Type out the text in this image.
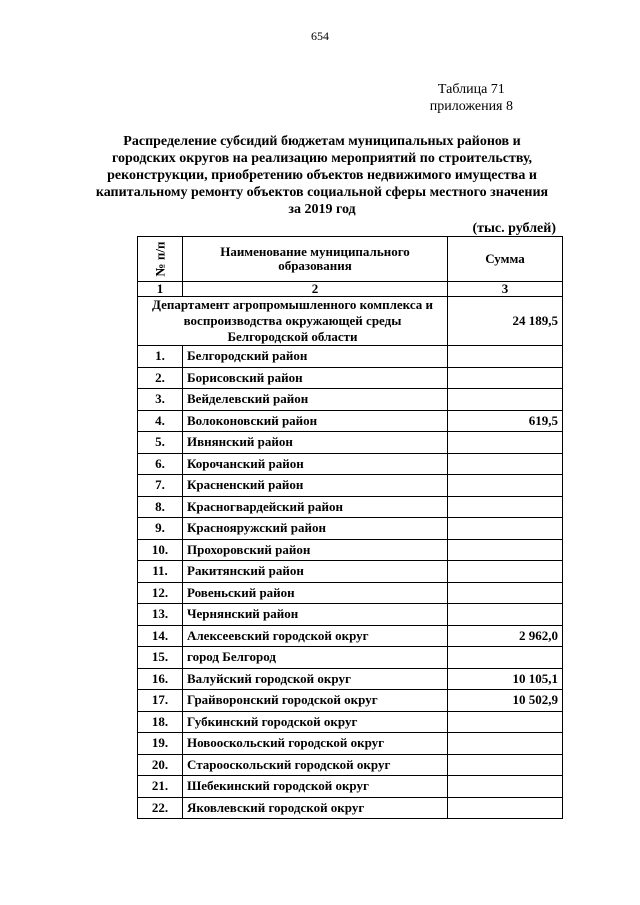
654
Таблица 71
приложения 8
Распределение субсидий бюджетам муниципальных районов и городских округов на реализацию мероприятий по строительству, реконструкции, приобретению объектов недвижимого имущества и капитальному ремонту объектов социальной сферы местного значения за 2019 год
(тыс. рублей)
№ п/п	Наименование муниципального образования	Сумма
1	2	3
Департамент агропромышленного комплекса и воспроизводства окружающей среды Белгородской области		24 189,5
1.	Белгородский район	
2.	Борисовский район	
3.	Вейделевский район	
4.	Волоконовский район	619,5
5.	Ивнянский район	
6.	Корочанский район	
7.	Красненский район	
8.	Красногвардейский район	
9.	Краснояружский район	
10.	Прохоровский район	
11.	Ракитянский район	
12.	Ровеньский район	
13.	Чернянский район	
14.	Алексеевский городской округ	2 962,0
15.	город Белгород	
16.	Валуйский городской округ	10 105,1
17.	Грайворонский городской округ	10 502,9
18.	Губкинский городской округ	
19.	Новооскольский городской округ	
20.	Старооскольский городской округ	
21.	Шебекинский городской округ	
22.	Яковлевский городской округ	
